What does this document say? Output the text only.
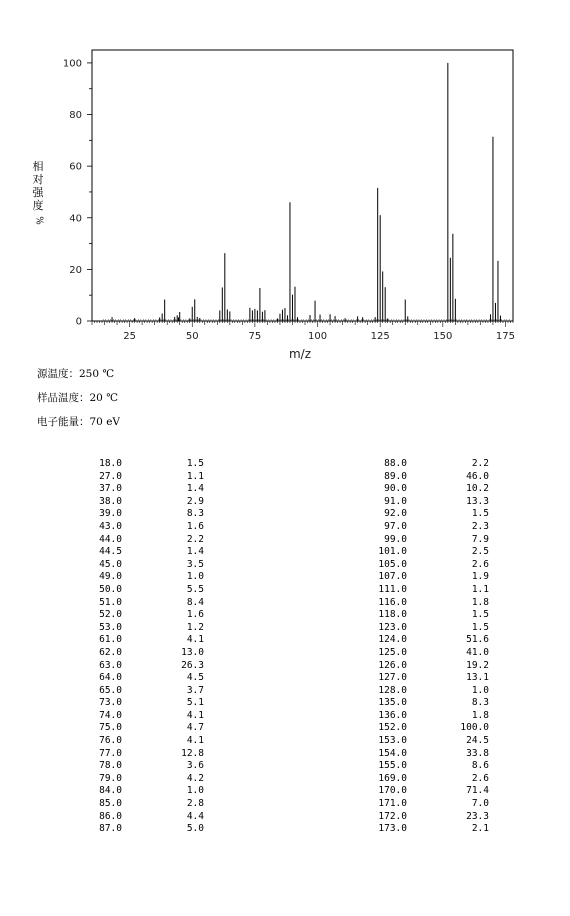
25	50	75	100	125	150	175
0
20
40
60
80
100
m/z
相
对
强
度
%
源温度：250 ℃
样品温度：20 ℃
电子能量：70 eV
18.0	1.5
27.0	1.1
37.0	1.4
38.0	2.9
39.0	8.3
43.0	1.6
44.0	2.2
44.5	1.4
45.0	3.5
49.0	1.0
50.0	5.5
51.0	8.4
52.0	1.6
53.0	1.2
61.0	4.1
62.0	13.0
63.0	26.3
64.0	4.5
65.0	3.7
73.0	5.1
74.0	4.1
75.0	4.7
76.0	4.1
77.0	12.8
78.0	3.6
79.0	4.2
84.0	1.0
85.0	2.8
86.0	4.4
87.0	5.0
88.0	2.2
89.0	46.0
90.0	10.2
91.0	13.3
92.0	1.5
97.0	2.3
99.0	7.9
101.0	2.5
105.0	2.6
107.0	1.9
111.0	1.1
116.0	1.8
118.0	1.5
123.0	1.5
124.0	51.6
125.0	41.0
126.0	19.2
127.0	13.1
128.0	1.0
135.0	8.3
136.0	1.8
152.0	100.0
153.0	24.5
154.0	33.8
155.0	8.6
169.0	2.6
170.0	71.4
171.0	7.0
172.0	23.3
173.0	2.1
